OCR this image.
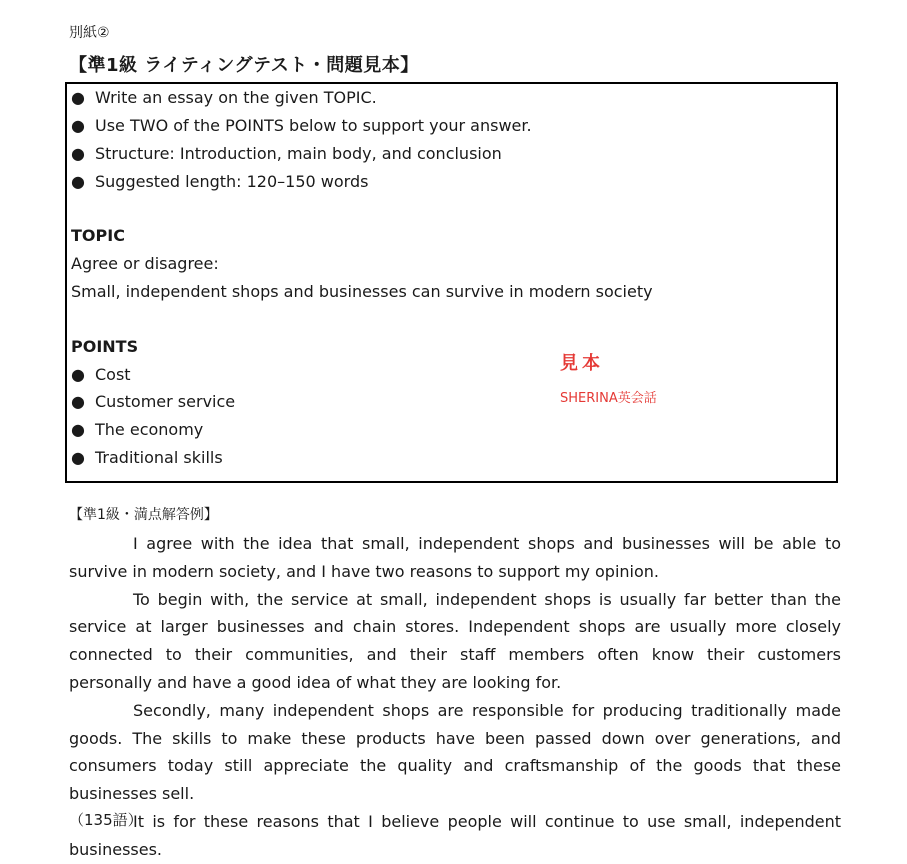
別紙②
【準1級 ライティングテスト・問題見本】
● Write an essay on the given TOPIC.
● Use TWO of the POINTS below to support your answer.
● Structure: Introduction, main body, and conclusion
● Suggested length: 120–150 words
TOPIC
Agree or disagree:
Small, independent shops and businesses can survive in modern society
POINTS
● Cost
● Customer service
● The economy
● Traditional skills
見本
SHERINA英会話
【準1級・満点解答例】

I agree with the idea that small, independent shops and businesses will be able to survive in modern society, and I have two reasons to support my opinion.

To begin with, the service at small, independent shops is usually far better than the service at larger businesses and chain stores. Independent shops are usually more closely connected to their communities, and their staff members often know their customers personally and have a good idea of what they are looking for.

Secondly, many independent shops are responsible for producing traditionally made goods. The skills to make these products have been passed down over generations, and consumers today still appreciate the quality and craftsmanship of the goods that these businesses sell.

It is for these reasons that I believe people will continue to use small, independent businesses.

（135語）
